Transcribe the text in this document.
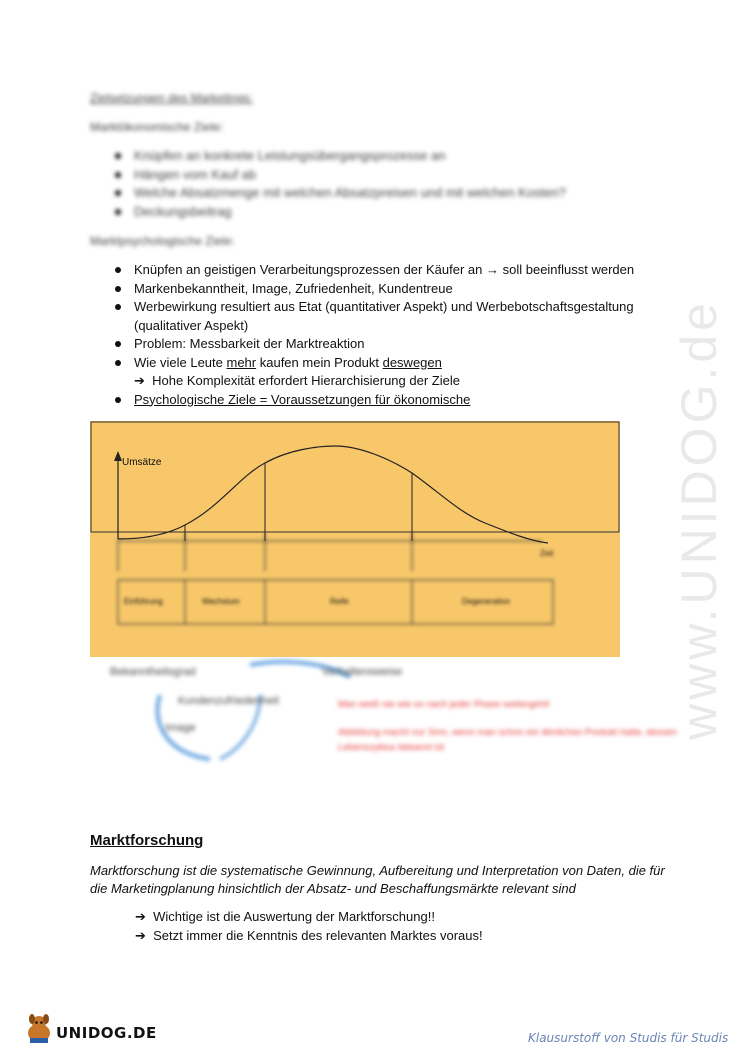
www.UNIDOG.de
Zielsetzungen des Marketings:
Marktökonomische Ziele:
Knüpfen an konkrete Leistungsübergangsprozesse an
Hängen vom Kauf ab
Welche Absatzmenge mit welchen Absatzpreisen und mit welchen Kosten?
Deckungsbeitrag
Marktpsychologische Ziele:
Knüpfen an geistigen Verarbeitungsprozessen der Käufer an → soll beeinflusst werden
Markenbekanntheit, Image, Zufriedenheit, Kundentreue
Werbewirkung resultiert aus Etat (quantitativer Aspekt) und Werbebotschaftsgestaltung (qualitativer Aspekt)
Problem: Messbarkeit der Marktreaktion
Wie viele Leute mehr kaufen mein Produkt deswegen
➔ Hohe Komplexität erfordert Hierarchisierung der Ziele
Psychologische Ziele = Voraussetzungen für ökonomische
Umsätze
Zeit
Einführung	Wachstum	Reife	Degeneration
Bekanntheitsgrad	Verhaltensweise
Kundenzufriedenheit
Image
Man weiß nie wie es nach jeder Phase weitergeht!
Abbildung macht nur Sinn, wenn man schon ein ähnliches Produkt hatte, dessen Lebenszyklus bekannt ist
Marktforschung
Marktforschung ist die systematische Gewinnung, Aufbereitung und Interpretation von Daten, die für die Marketingplanung hinsichtlich der Absatz- und Beschaffungsmärkte relevant sind
➔ Wichtige ist die Auswertung der Marktforschung!!
➔ Setzt immer die Kenntnis des relevanten Marktes voraus!
UNIDOG.DE	Klausurstoff von Studis für Studis
